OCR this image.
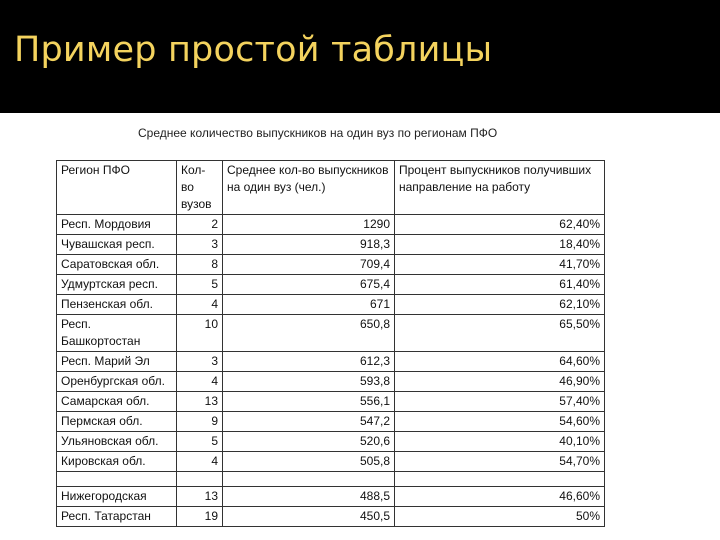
Пример простой таблицы
Среднее количество выпускников на один вуз по регионам ПФО
Регион ПФО	Кол-во вузов	Среднее кол-во выпускников на один вуз (чел.)	Процент выпускников получивших направление на работу
Респ. Мордовия	2	1290	62,40%
Чувашская респ.	3	918,3	18,40%
Саратовская обл.	8	709,4	41,70%
Удмуртская респ.	5	675,4	61,40%
Пензенская обл.	4	671	62,10%
Респ. Башкортостан	10	650,8	65,50%
Респ. Марий Эл	3	612,3	64,60%
Оренбургская обл.	4	593,8	46,90%
Самарская обл.	13	556,1	57,40%
Пермская обл.	9	547,2	54,60%
Ульяновская обл.	5	520,6	40,10%
Кировская обл.	4	505,8	54,70%

Нижегородская	13	488,5	46,60%
Респ. Татарстан	19	450,5	50%
